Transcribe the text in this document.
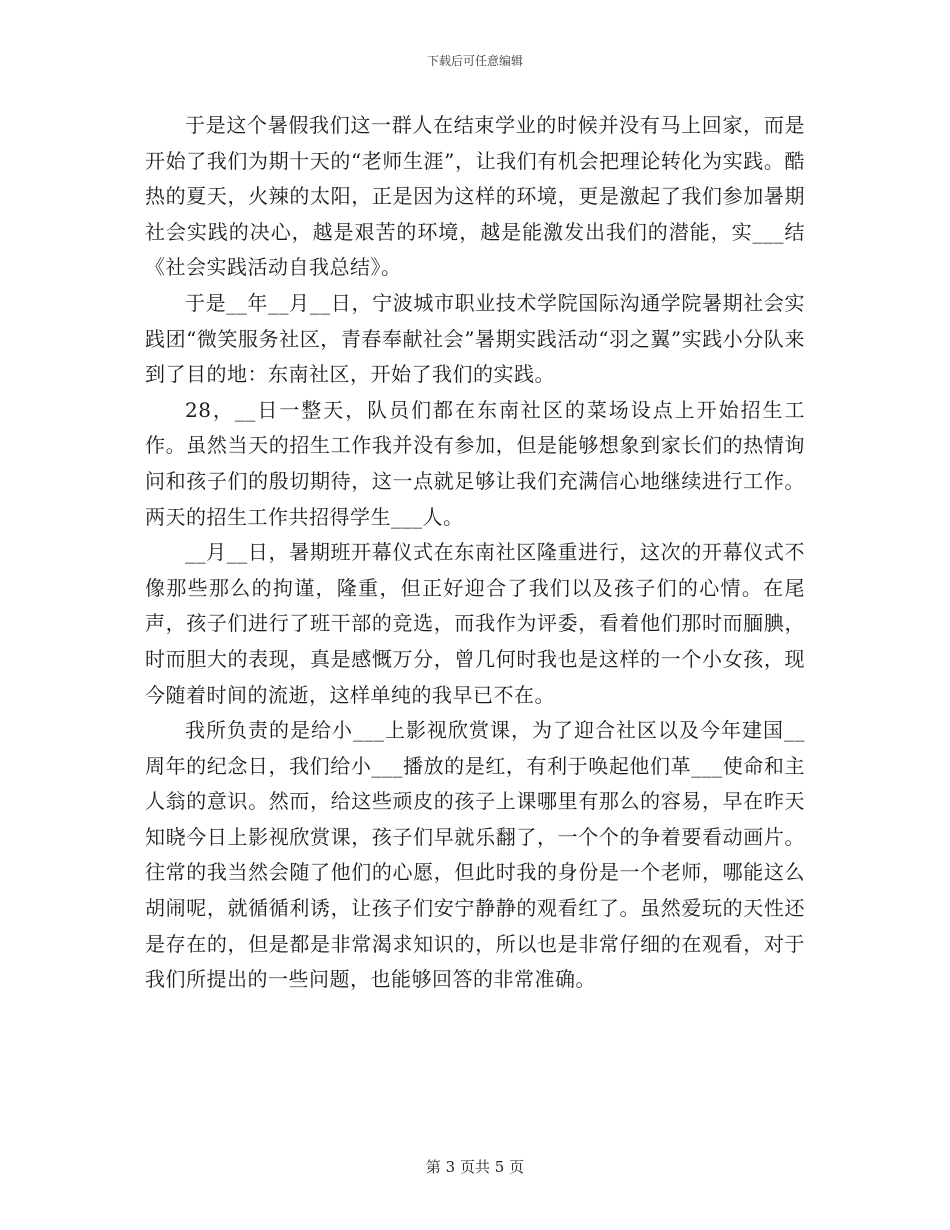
下载后可任意编辑

于是这个暑假我们这一群人在结束学业的时候并没有马上回家，而是开始了我们为期十天的“老师生涯”，让我们有机会把理论转化为实践。酷热的夏天，火辣的太阳，正是因为这样的环境，更是激起了我们参加暑期社会实践的决心，越是艰苦的环境，越是能激发出我们的潜能，实___结《社会实践活动自我总结》。

于是__年__月__日，宁波城市职业技术学院国际沟通学院暑期社会实践团“微笑服务社区，青春奉献社会”暑期实践活动“羽之翼”实践小分队来到了目的地：东南社区，开始了我们的实践。

28，__日一整天，队员们都在东南社区的菜场设点上开始招生工作。虽然当天的招生工作我并没有参加，但是能够想象到家长们的热情询问和孩子们的殷切期待，这一点就足够让我们充满信心地继续进行工作。两天的招生工作共招得学生___人。

__月__日，暑期班开幕仪式在东南社区隆重进行，这次的开幕仪式不像那些那么的拘谨，隆重，但正好迎合了我们以及孩子们的心情。在尾声，孩子们进行了班干部的竞选，而我作为评委，看着他们那时而腼腆，时而胆大的表现，真是感慨万分，曾几何时我也是这样的一个小女孩，现今随着时间的流逝，这样单纯的我早已不在。

我所负责的是给小___上影视欣赏课，为了迎合社区以及今年建国__周年的纪念日，我们给小___播放的是红，有利于唤起他们革___使命和主人翁的意识。然而，给这些顽皮的孩子上课哪里有那么的容易，早在昨天知晓今日上影视欣赏课，孩子们早就乐翻了，一个个的争着要看动画片。往常的我当然会随了他们的心愿，但此时我的身份是一个老师，哪能这么胡闹呢，就循循利诱，让孩子们安宁静静的观看红了。虽然爱玩的天性还是存在的，但是都是非常渴求知识的，所以也是非常仔细的在观看，对于我们所提出的一些问题，也能够回答的非常准确。

第 3 页共 5 页
